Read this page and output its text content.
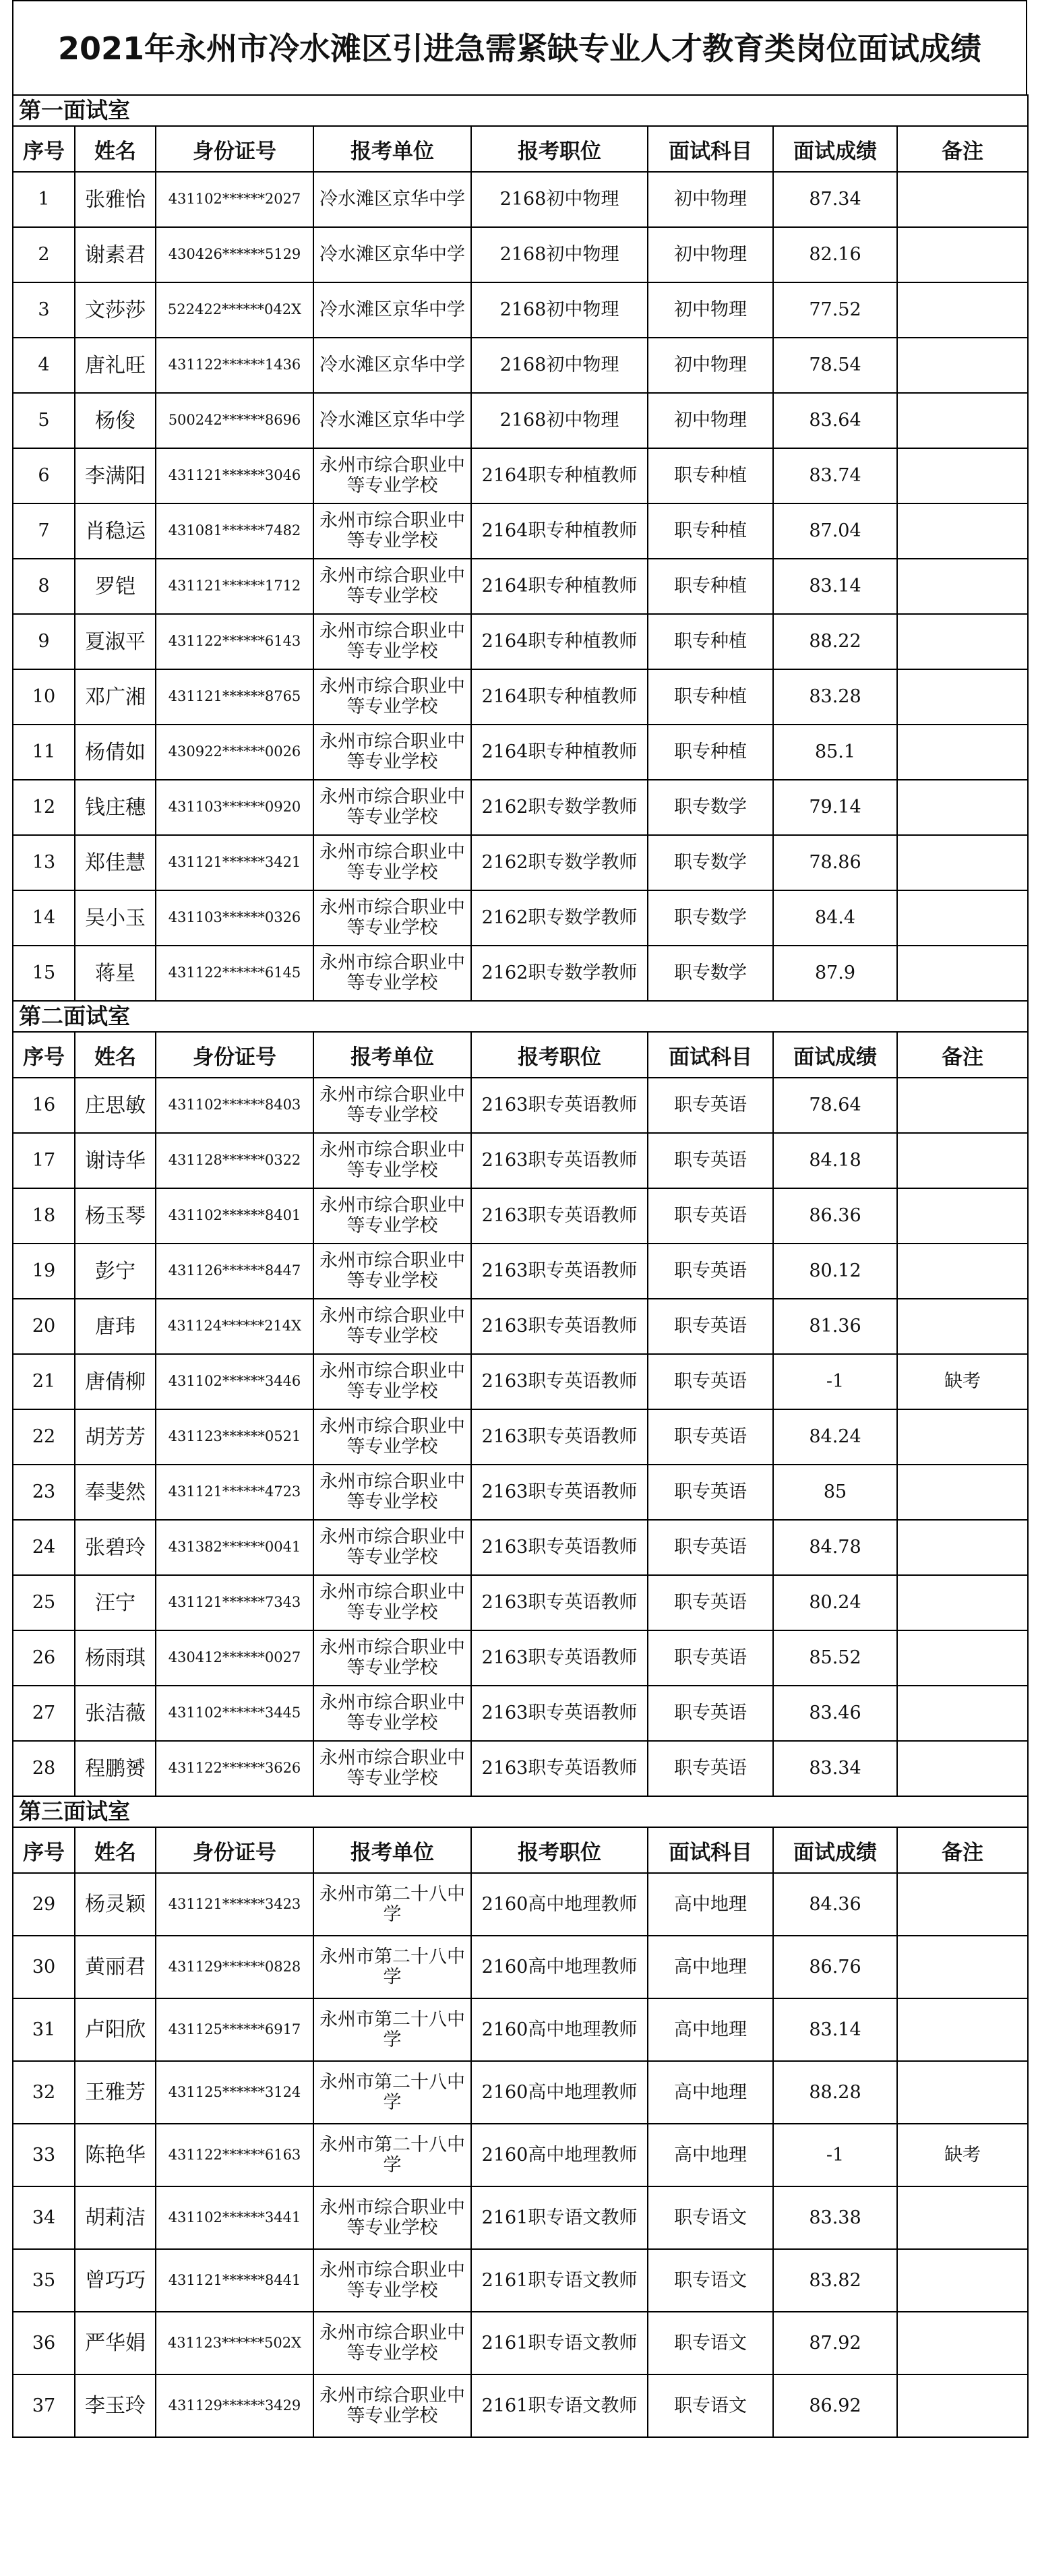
2021年永州市冷水滩区引进急需紧缺专业人才教育类岗位面试成绩
第一面试室							
序号	姓名	身份证号	报考单位	报考职位	面试科目	面试成绩	备注
1	张雅怡	431102******2027	冷水滩区京华中学	2168初中物理	初中物理	87.34	
2	谢素君	430426******5129	冷水滩区京华中学	2168初中物理	初中物理	82.16	
3	文莎莎	522422******042X	冷水滩区京华中学	2168初中物理	初中物理	77.52	
4	唐礼旺	431122******1436	冷水滩区京华中学	2168初中物理	初中物理	78.54	
5	杨俊	500242******8696	冷水滩区京华中学	2168初中物理	初中物理	83.64	
6	李满阳	431121******3046	永州市综合职业中等专业学校	2164职专种植教师	职专种植	83.74	
7	肖稳运	431081******7482	永州市综合职业中等专业学校	2164职专种植教师	职专种植	87.04	
8	罗铠	431121******1712	永州市综合职业中等专业学校	2164职专种植教师	职专种植	83.14	
9	夏淑平	431122******6143	永州市综合职业中等专业学校	2164职专种植教师	职专种植	88.22	
10	邓广湘	431121******8765	永州市综合职业中等专业学校	2164职专种植教师	职专种植	83.28	
11	杨倩如	430922******0026	永州市综合职业中等专业学校	2164职专种植教师	职专种植	85.1	
12	钱庄穗	431103******0920	永州市综合职业中等专业学校	2162职专数学教师	职专数学	79.14	
13	郑佳慧	431121******3421	永州市综合职业中等专业学校	2162职专数学教师	职专数学	78.86	
14	吴小玉	431103******0326	永州市综合职业中等专业学校	2162职专数学教师	职专数学	84.4	
15	蒋星	431122******6145	永州市综合职业中等专业学校	2162职专数学教师	职专数学	87.9	
第二面试室							
序号	姓名	身份证号	报考单位	报考职位	面试科目	面试成绩	备注
16	庄思敏	431102******8403	永州市综合职业中等专业学校	2163职专英语教师	职专英语	78.64	
17	谢诗华	431128******0322	永州市综合职业中等专业学校	2163职专英语教师	职专英语	84.18	
18	杨玉琴	431102******8401	永州市综合职业中等专业学校	2163职专英语教师	职专英语	86.36	
19	彭宁	431126******8447	永州市综合职业中等专业学校	2163职专英语教师	职专英语	80.12	
20	唐玮	431124******214X	永州市综合职业中等专业学校	2163职专英语教师	职专英语	81.36	
21	唐倩柳	431102******3446	永州市综合职业中等专业学校	2163职专英语教师	职专英语	-1	缺考
22	胡芳芳	431123******0521	永州市综合职业中等专业学校	2163职专英语教师	职专英语	84.24	
23	奉斐然	431121******4723	永州市综合职业中等专业学校	2163职专英语教师	职专英语	85	
24	张碧玲	431382******0041	永州市综合职业中等专业学校	2163职专英语教师	职专英语	84.78	
25	汪宁	431121******7343	永州市综合职业中等专业学校	2163职专英语教师	职专英语	80.24	
26	杨雨琪	430412******0027	永州市综合职业中等专业学校	2163职专英语教师	职专英语	85.52	
27	张洁薇	431102******3445	永州市综合职业中等专业学校	2163职专英语教师	职专英语	83.46	
28	程鹏赟	431122******3626	永州市综合职业中等专业学校	2163职专英语教师	职专英语	83.34	
第三面试室							
序号	姓名	身份证号	报考单位	报考职位	面试科目	面试成绩	备注
29	杨灵颖	431121******3423	永州市第二十八中学	2160高中地理教师	高中地理	84.36	
30	黄丽君	431129******0828	永州市第二十八中学	2160高中地理教师	高中地理	86.76	
31	卢阳欣	431125******6917	永州市第二十八中学	2160高中地理教师	高中地理	83.14	
32	王雅芳	431125******3124	永州市第二十八中学	2160高中地理教师	高中地理	88.28	
33	陈艳华	431122******6163	永州市第二十八中学	2160高中地理教师	高中地理	-1	缺考
34	胡莉洁	431102******3441	永州市综合职业中等专业学校	2161职专语文教师	职专语文	83.38	
35	曾巧巧	431121******8441	永州市综合职业中等专业学校	2161职专语文教师	职专语文	83.82	
36	严华娟	431123******502X	永州市综合职业中等专业学校	2161职专语文教师	职专语文	87.92	
37	李玉玲	431129******3429	永州市综合职业中等专业学校	2161职专语文教师	职专语文	86.92	
